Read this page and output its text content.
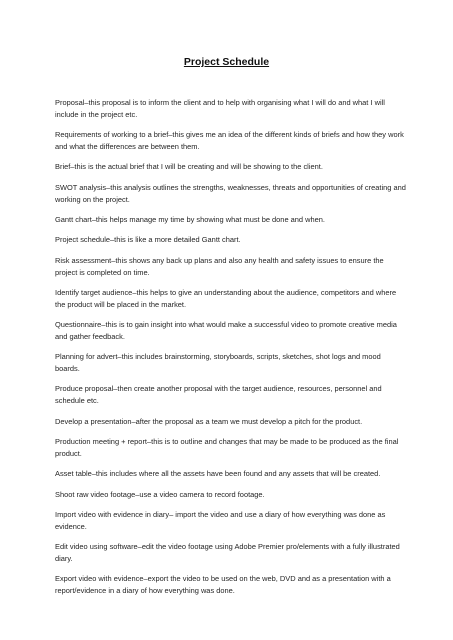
Project Schedule
Proposal–this proposal is to inform the client and to help with organising what I will do and what I will include in the project etc.
Requirements of working to a brief–this gives me an idea of the different kinds of briefs and how they work and what the differences are between them.
Brief–this is the actual brief that I will be creating and will be showing to the client.
SWOT analysis–this analysis outlines the strengths, weaknesses, threats and opportunities of creating and working on the project.
Gantt chart–this helps manage my time by showing what must be done and when.
Project schedule–this is like a more detailed Gantt chart.
Risk assessment–this shows any back up plans and also any health and safety issues to ensure the project is completed on time.
Identify target audience–this helps to give an understanding about the audience, competitors and where the product will be placed in the market.
Questionnaire–this is to gain insight into what would make a successful video to promote creative media and gather feedback.
Planning for advert–this includes brainstorming, storyboards, scripts, sketches, shot logs and mood boards.
Produce proposal–then create another proposal with the target audience, resources, personnel and schedule etc.
Develop a presentation–after the proposal as a team we must develop a pitch for the product.
Production meeting + report–this is to outline and changes that may be made to be produced as the final product.
Asset table–this includes where all the assets have been found and any assets that will be created.
Shoot raw video footage–use a video camera to record footage.
Import video with evidence in diary– import the video and use a diary of how everything was done as evidence.
Edit video using software–edit the video footage using Adobe Premier pro/elements with a fully illustrated diary.
Export video with evidence–export the video to be used on the web, DVD and as a presentation with a report/evidence in a diary of how everything was done.
